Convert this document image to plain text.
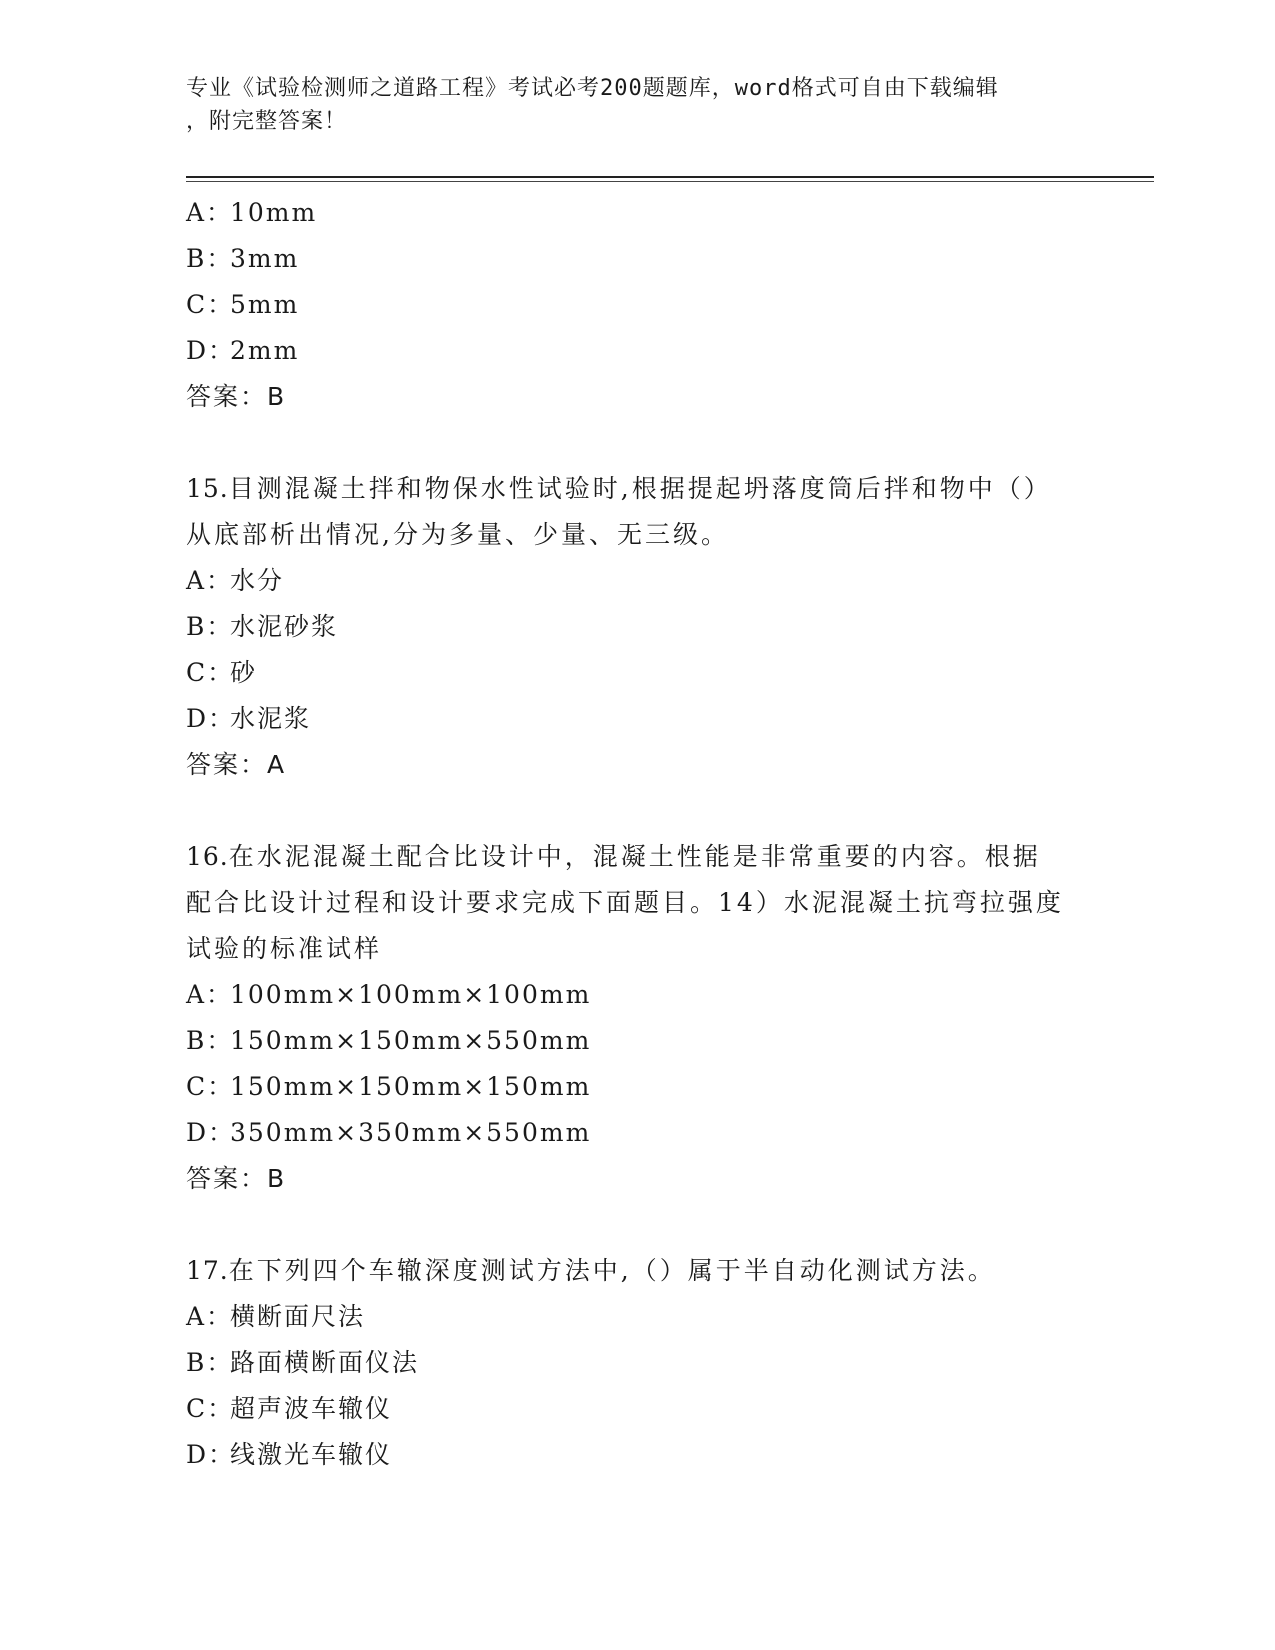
专业《试验检测师之道路工程》考试必考200题题库，word格式可自由下载编辑
，附完整答案！
A：10mm
B：3mm
C：5mm
D：2mm
答案：B
15.目测混凝土拌和物保水性试验时,根据提起坍落度筒后拌和物中（）从底部析出情况,分为多量、少量、无三级。
A：水分
B：水泥砂浆
C：砂
D：水泥浆
答案：A
16.在水泥混凝土配合比设计中，混凝土性能是非常重要的内容。根据配合比设计过程和设计要求完成下面题目。14）水泥混凝土抗弯拉强度试验的标准试样
A：100mm×100mm×100mm
B：150mm×150mm×550mm
C：150mm×150mm×150mm
D：350mm×350mm×550mm
答案：B
17.在下列四个车辙深度测试方法中,（）属于半自动化测试方法。
A：横断面尺法
B：路面横断面仪法
C：超声波车辙仪
D：线激光车辙仪
